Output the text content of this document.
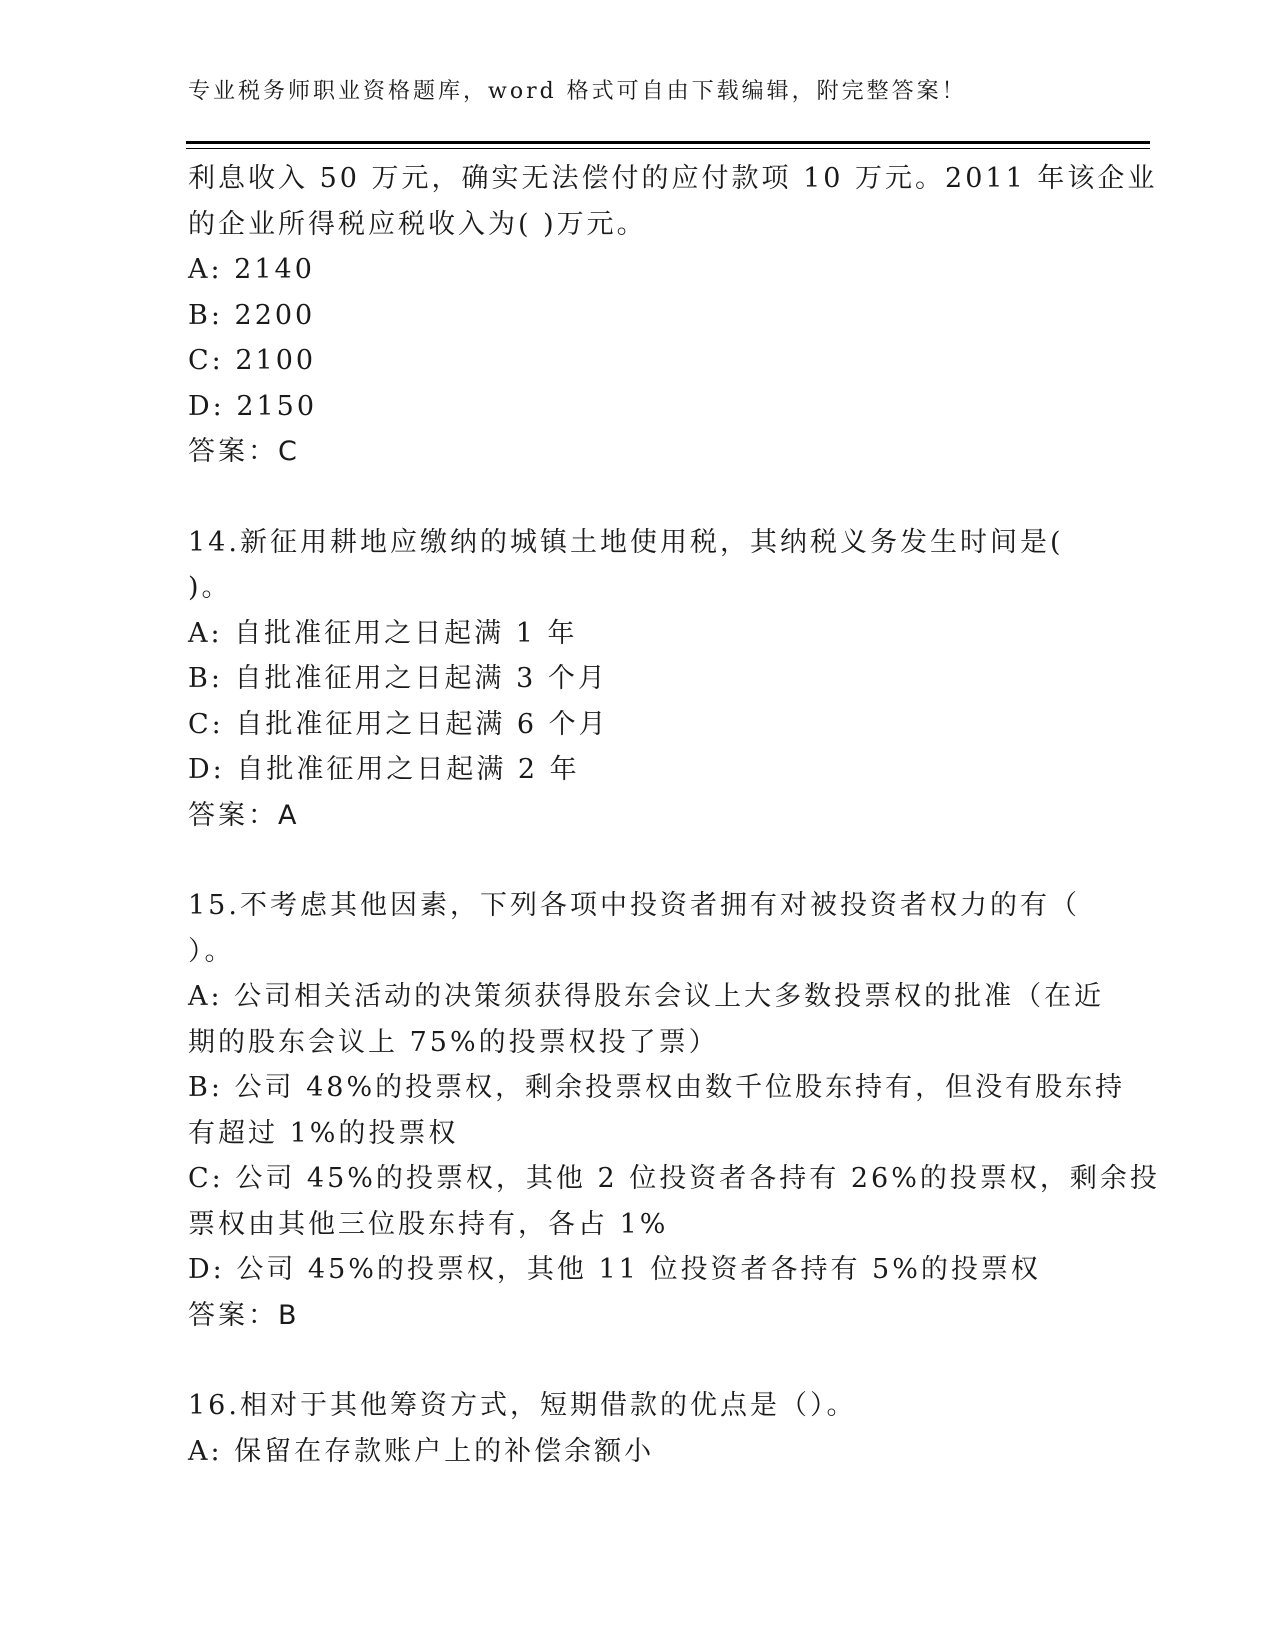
专业税务师职业资格题库，word 格式可自由下载编辑，附完整答案！
利息收入 50 万元，确实无法偿付的应付款项 10 万元。2011 年该企业
的企业所得税应税收入为( )万元。
A: 2140
B: 2200
C: 2100
D: 2150
答案：C
14.新征用耕地应缴纳的城镇土地使用税，其纳税义务发生时间是(
)。
A: 自批准征用之日起满 1 年
B: 自批准征用之日起满 3 个月
C: 自批准征用之日起满 6 个月
D: 自批准征用之日起满 2 年
答案：A
15.不考虑其他因素，下列各项中投资者拥有对被投资者权力的有（
）。
A: 公司相关活动的决策须获得股东会议上大多数投票权的批准（在近
期的股东会议上 75%的投票权投了票）
B: 公司 48%的投票权，剩余投票权由数千位股东持有，但没有股东持
有超过 1%的投票权
C: 公司 45%的投票权，其他 2 位投资者各持有 26%的投票权，剩余投
票权由其他三位股东持有，各占 1%
D: 公司 45%的投票权，其他 11 位投资者各持有 5%的投票权
答案：B
16.相对于其他筹资方式，短期借款的优点是（）。
A: 保留在存款账户上的补偿余额小
